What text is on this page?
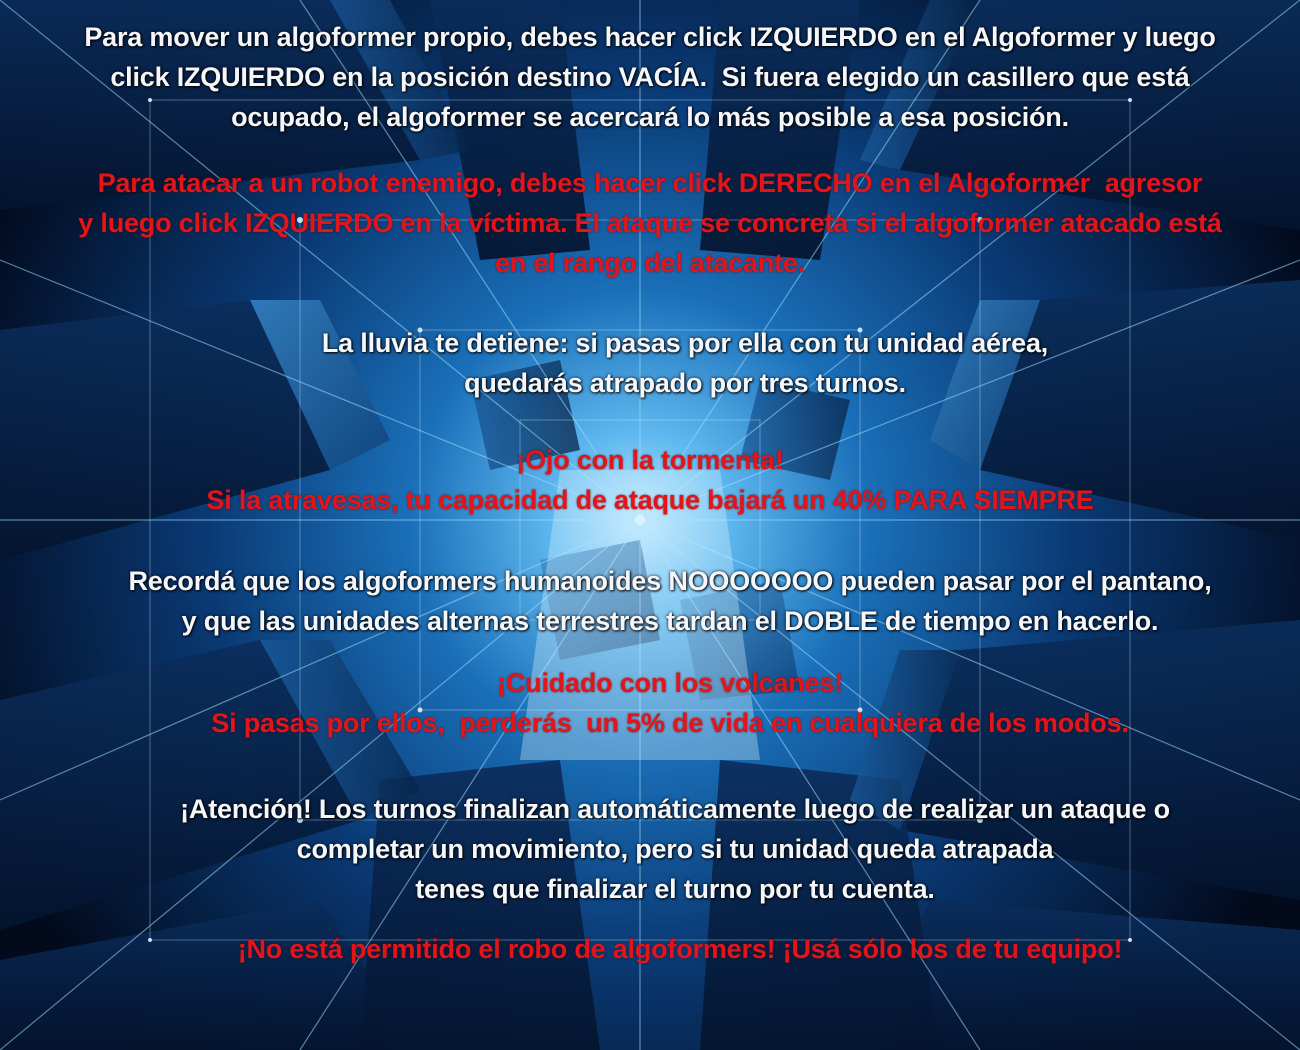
Para mover un algoformer propio, debes hacer click IZQUIERDO en el Algoformer y luego
click IZQUIERDO en la posición destino VACÍA.  Si fuera elegido un casillero que está
ocupado, el algoformer se acercará lo más posible a esa posición.
Para atacar a un robot enemigo, debes hacer click DERECHO en el Algoformer  agresor
y luego click IZQUIERDO en la víctima. El ataque se concreta si el algoformer atacado está
en el rango del atacante.
La lluvia te detiene: si pasas por ella con tu unidad aérea,
quedarás atrapado por tres turnos.
¡Ojo con la tormenta!
Si la atravesas, tu capacidad de ataque bajará un 40% PARA SIEMPRE
Recordá que los algoformers humanoides NOOOOOOO pueden pasar por el pantano,
y que las unidades alternas terrestres tardan el DOBLE de tiempo en hacerlo.
¡Cuidado con los volcanes!
Si pasas por ellos,  perderás  un 5% de vida en cualquiera de los modos.
¡Atención! Los turnos finalizan automáticamente luego de realizar un ataque o
completar un movimiento, pero si tu unidad queda atrapada
tenes que finalizar el turno por tu cuenta.
¡No está permitido el robo de algoformers! ¡Usá sólo los de tu equipo!
